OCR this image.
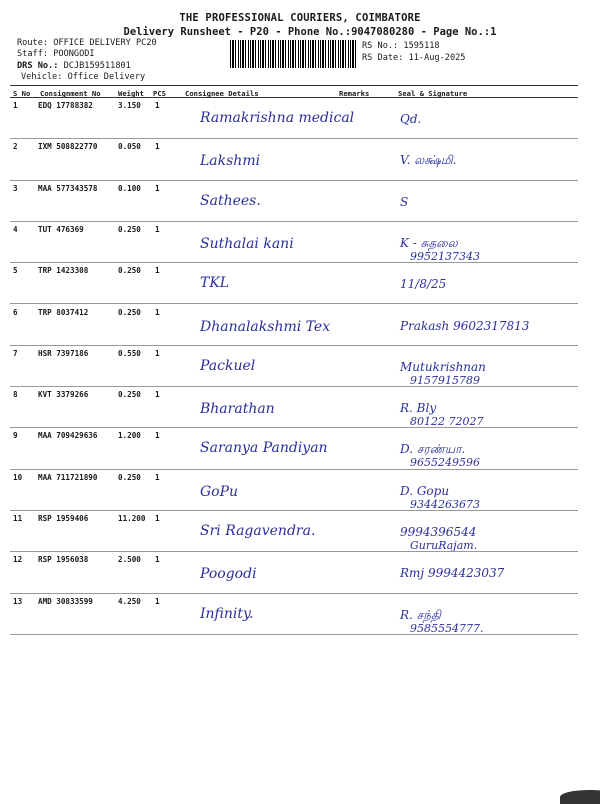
THE PROFESSIONAL COURIERS, COIMBATORE
Delivery Runsheet - P20 - Phone No.:9047080280 - Page No.:1
Route: OFFICE DELIVERY PC20
Staff: POONGODI
DRS No.: DCJB159511801
Vehicle: Office Delivery
RS No.: 1595118
RS Date: 11-Aug-2025
S No Consignment No Weight PCS	Consignee Details	Remarks	Seal & Signature
1	EDQ 17788382	3.150 1
Ramakrishna medical	Qd.
2	IXM 508822770	0.050 1
Lakshmi	V. லக்ஷ்மி.
3	MAA 577343578	0.100 1
Sathees.	S
4	TUT 476369	0.250 1
Suthalai kani	K - சுதலை
9952137343
5	TRP 1423308	0.250 1
TKL	11/8/25
6	TRP 8037412	0.250 1
Dhanalakshmi Tex	Prakash 9602317813
7	HSR 7397186	0.550 1
Packuel	Mutukrishnan
9157915789
8	KVT 3379266	0.250 1
Bharathan	R. Bly
80122 72027
9	MAA 709429636	1.200 1
Saranya Pandiyan	D. சரண்யா.
9655249596
10 MAA 711721890	0.250 1
GoPu	D. Gopu
9344263673
11 RSP 1959406	11.200 1
Sri Ragavendra.	9994396544
GuruRajam.
12 RSP 1956038	2.500 1
Poogodi	Rmj 9994423037
13 AMD 30833599	4.250 1
Infinity.	R. சந்தி
9585554777.
